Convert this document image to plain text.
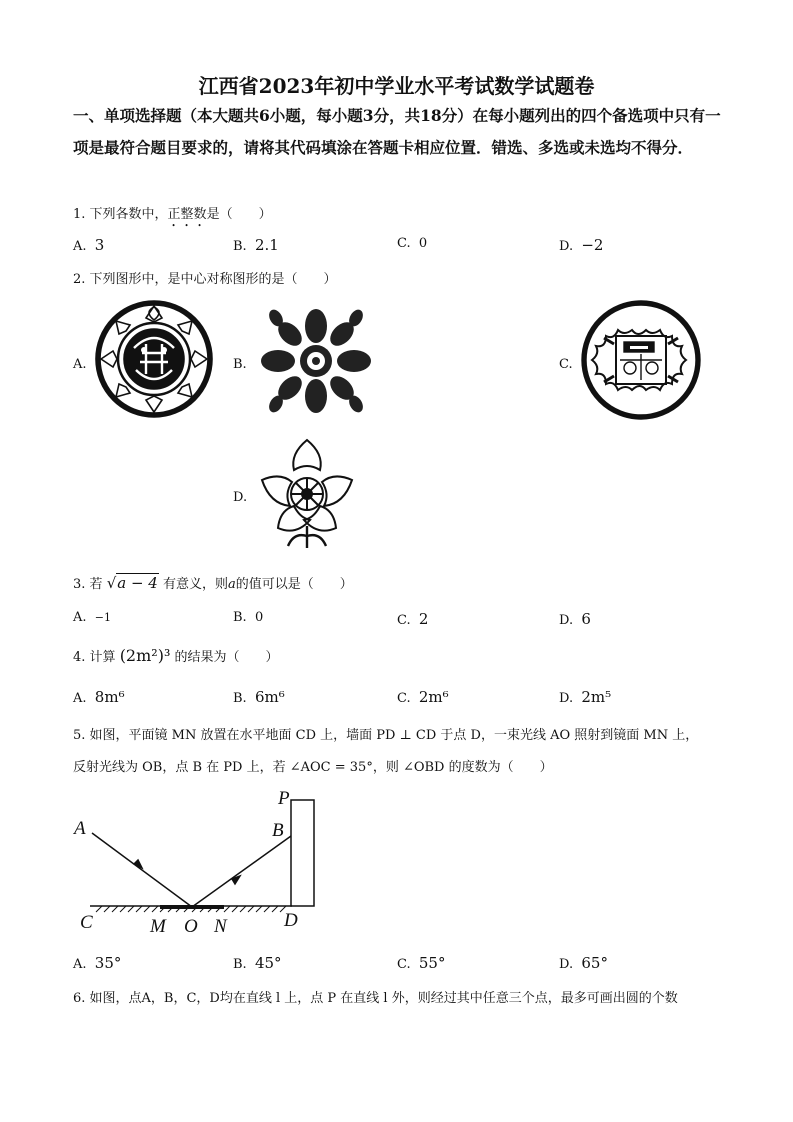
江西省2023年初中学业水平考试数学试题卷
一、单项选择题（本大题共6小题，每小题3分，共18分）在每小题列出的四个备选项中只有一项是最符合题目要求的，请将其代码填涂在答题卡相应位置．错选、多选或未选均不得分．
1. 下列各数中，正整数是（　　）
A. 3	B. 2.1	C. 0	D. −2
2. 下列图形中，是中心对称图形的是（　　）
A.	B.	C.
D.
3. 若 √a − 4 有意义，则a的值可以是（　　）
A. −1	B. 0	C. 2	D. 6
4. 计算 (2m²)³ 的结果为（　　）
A. 8m⁶	B. 6m⁶	C. 2m⁶	D. 2m⁵
5. 如图，平面镜 MN 放置在水平地面 CD 上，墙面 PD ⊥ CD 于点 D，一束光线 AO 照射到镜面 MN 上，
反射光线为 OB，点 B 在 PD 上，若 ∠AOC = 35°，则 ∠OBD 的度数为（　　）
A	B
P
C	M O N	D
A. 35°	B. 45°	C. 55°	D. 65°
6. 如图，点A，B，C，D均在直线 l 上，点 P 在直线 l 外，则经过其中任意三个点，最多可画出圆的个数
